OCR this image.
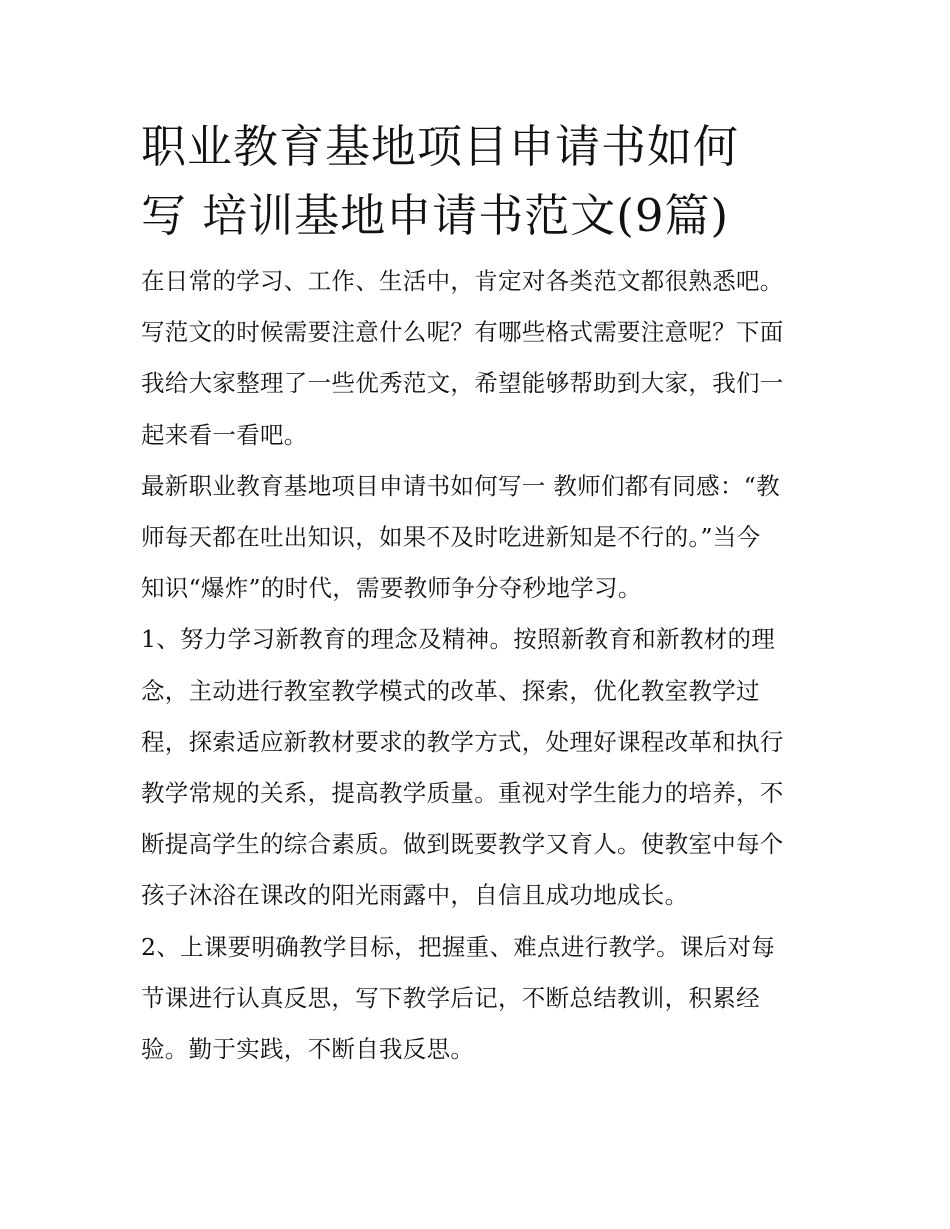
职业教育基地项目申请书如何
写 培训基地申请书范文(9篇)

在日常的学习、工作、生活中，肯定对各类范文都很熟悉吧。
写范文的时候需要注意什么呢？有哪些格式需要注意呢？下面
我给大家整理了一些优秀范文，希望能够帮助到大家，我们一
起来看一看吧。

最新职业教育基地项目申请书如何写一 教师们都有同感：“教
师每天都在吐出知识，如果不及时吃进新知是不行的。”当今
知识“爆炸”的时代，需要教师争分夺秒地学习。

1、努力学习新教育的理念及精神。按照新教育和新教材的理
念，主动进行教室教学模式的改革、探索，优化教室教学过
程，探索适应新教材要求的教学方式，处理好课程改革和执行
教学常规的关系，提高教学质量。重视对学生能力的培养，不
断提高学生的综合素质。做到既要教学又育人。使教室中每个
孩子沐浴在课改的阳光雨露中，自信且成功地成长。

2、上课要明确教学目标，把握重、难点进行教学。课后对每
节课进行认真反思，写下教学后记，不断总结教训，积累经
验。勤于实践，不断自我反思。
